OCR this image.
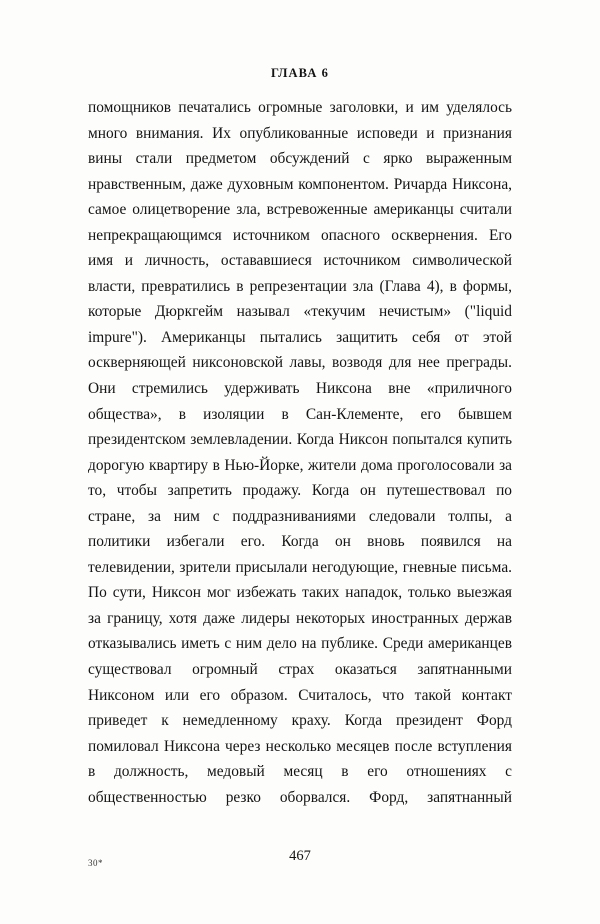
ГЛАВА 6

помощников печатались огромные заголовки, и им уделялось много внимания. Их опубликованные исповеди и признания вины стали предметом обсуждений с ярко выраженным нравственным, даже духовным компонентом. Ричарда Никсона, самое олицетворение зла, встревоженные американцы считали непрекращающимся источником опасного осквернения. Его имя и личность, остававшиеся источником символической власти, превратились в репрезентации зла (Глава 4), в формы, которые Дюркгейм называл «текучим нечистым» ("liquid impure"). Американцы пытались защитить себя от этой оскверняющей никсоновской лавы, возводя для нее преграды. Они стремились удерживать Никсона вне «приличного общества», в изоляции в Сан-Клементе, его бывшем президентском землевладении. Когда Никсон попытался купить дорогую квартиру в Нью-Йорке, жители дома проголосовали за то, чтобы запретить продажу. Когда он путешествовал по стране, за ним с поддразниваниями следовали толпы, а политики избегали его. Когда он вновь появился на телевидении, зрители присылали негодующие, гневные письма. По сути, Никсон мог избежать таких нападок, только выезжая за границу, хотя даже лидеры некоторых иностранных держав отказывались иметь с ним дело на публике. Среди американцев существовал огромный страх оказаться запятнанными Никсоном или его образом. Считалось, что такой контакт приведет к немедленному краху. Когда президент Форд помиловал Никсона через несколько месяцев после вступления в должность, медовый месяц в его отношениях с общественностью резко оборвался. Форд, запятнанный

467
30*
